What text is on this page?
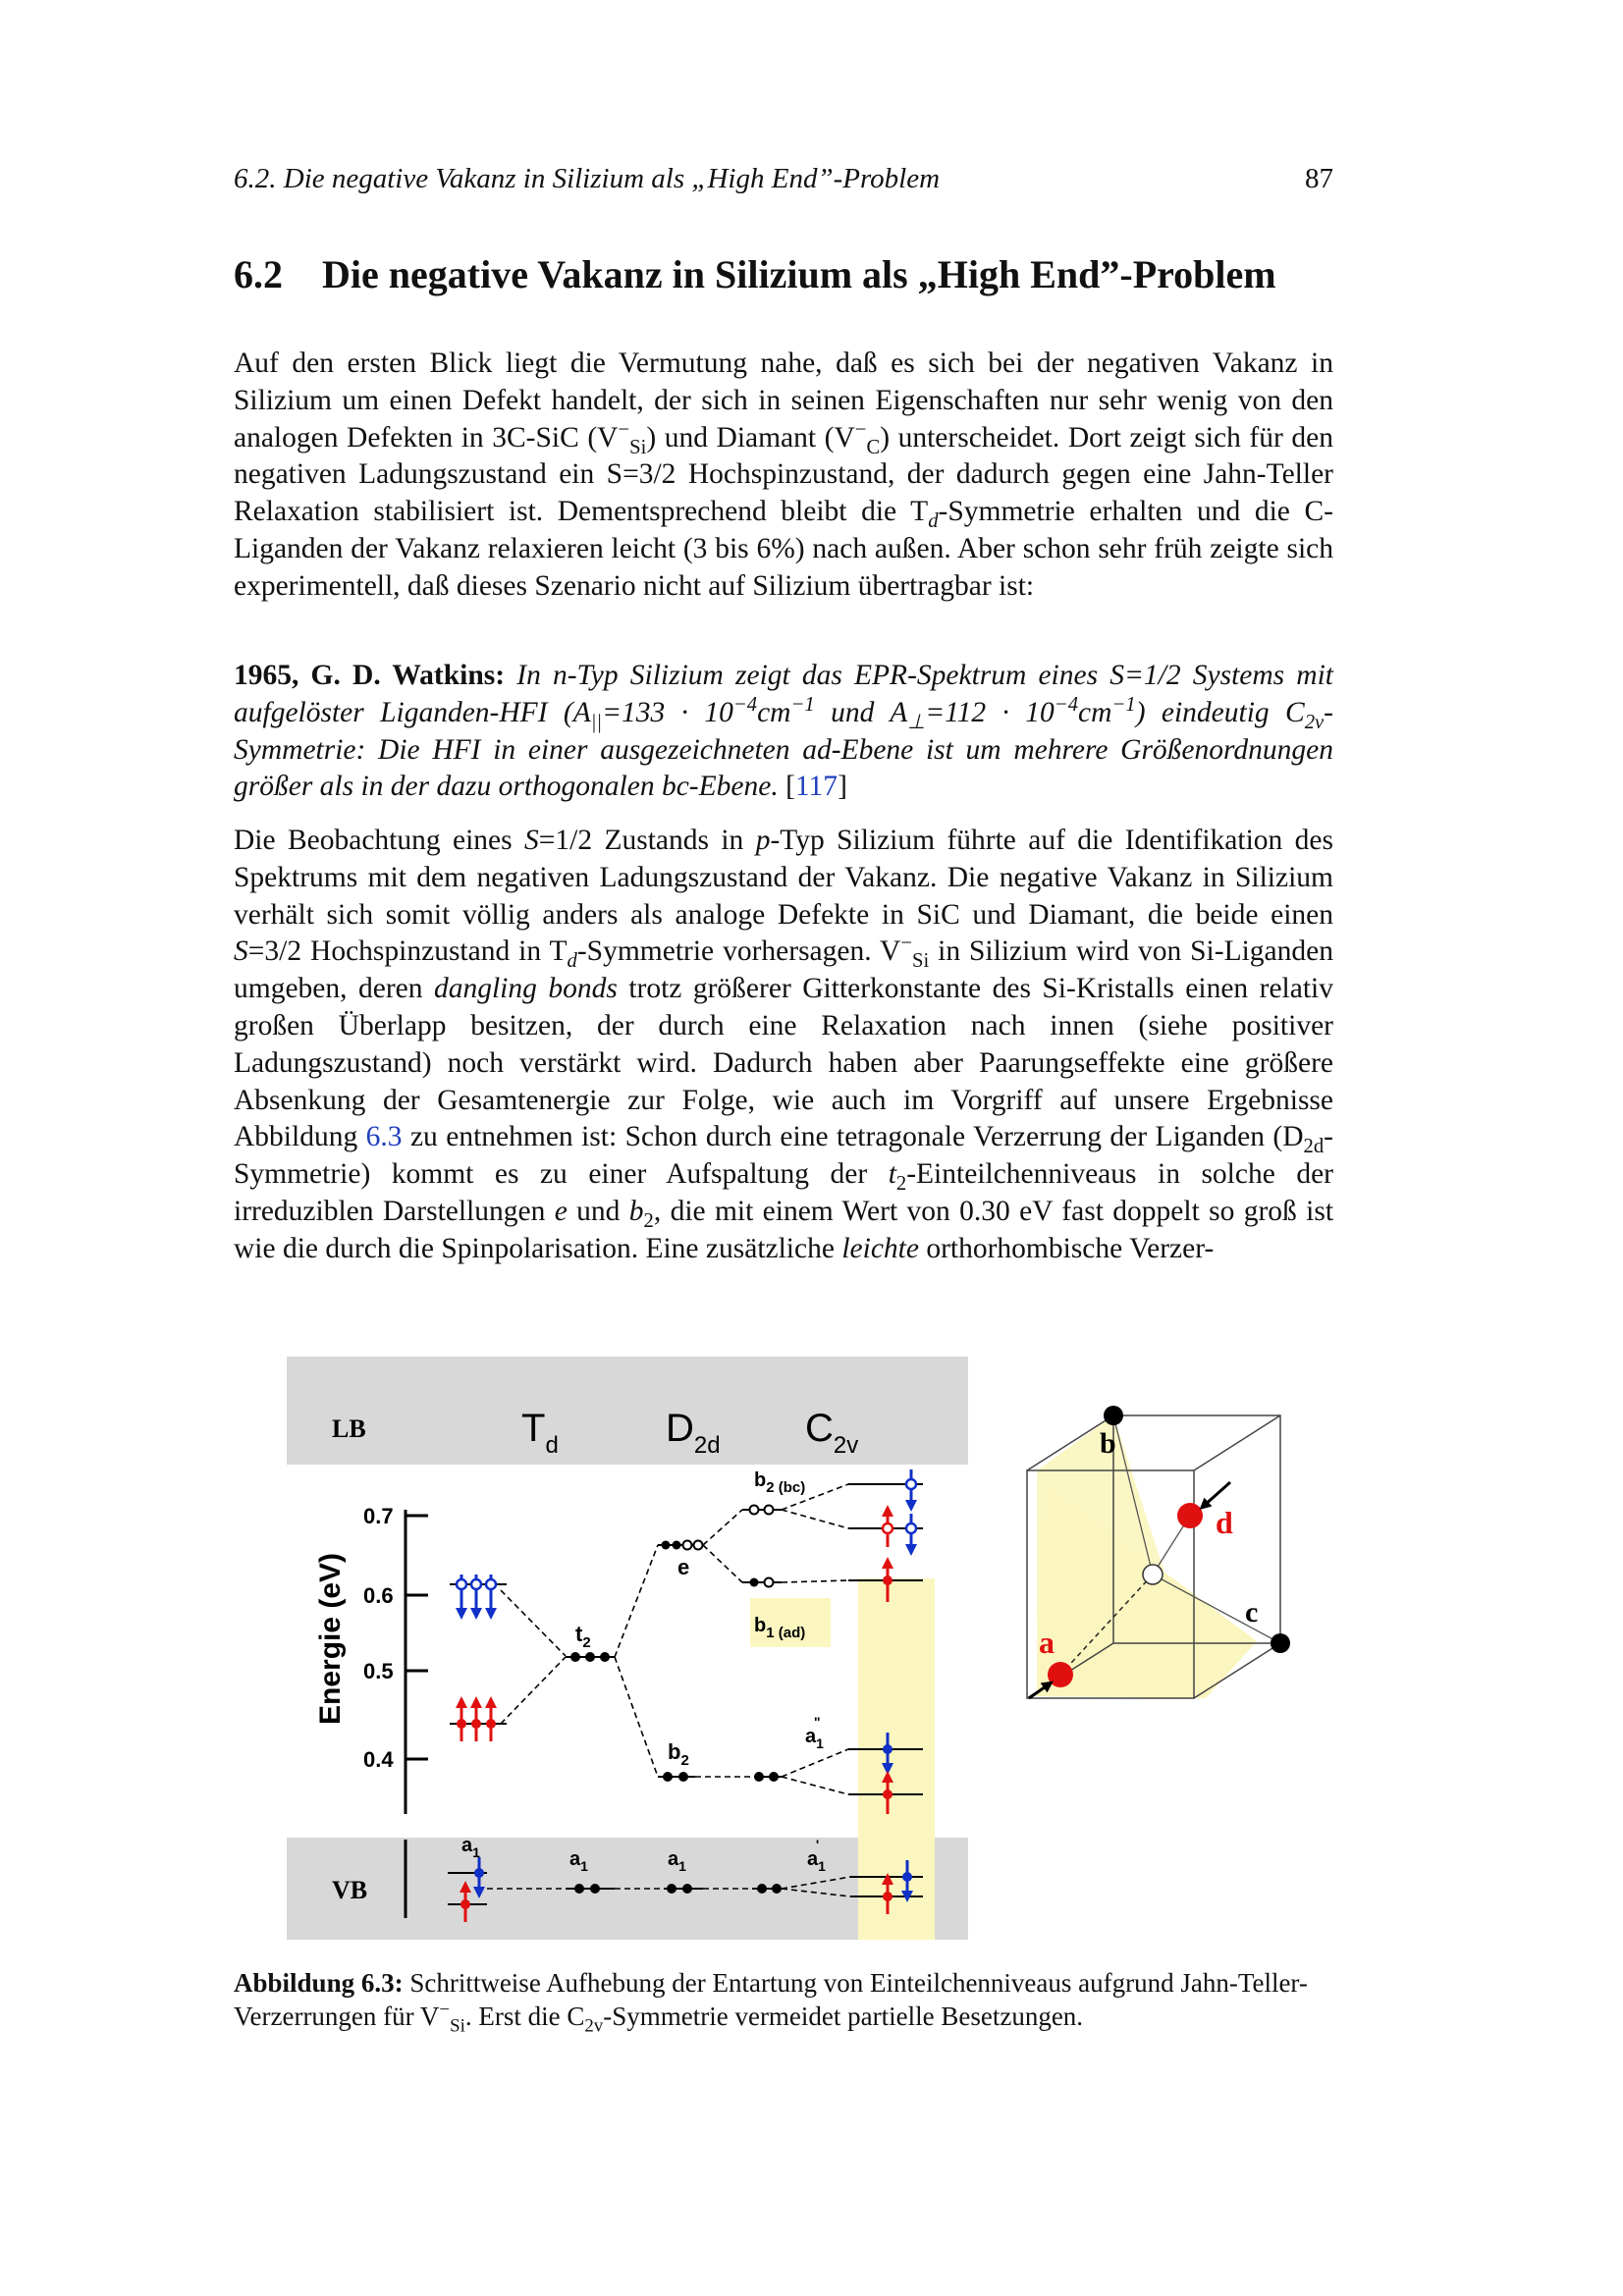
6.2. Die negative Vakanz in Silizium als „High End”-Problem	87
6.2 Die negative Vakanz in Silizium als „High End”-Problem

Auf den ersten Blick liegt die Vermutung nahe, daß es sich bei der negativen Vakanz in Silizium um einen Defekt handelt, der sich in seinen Eigenschaften nur sehr wenig von den analogen Defekten in 3C-SiC $(V^-_{Si})$ und Diamant $(V^-_C)$ unterscheidet. Dort zeigt sich für den negativen Ladungszustand ein S=3/2 Hochspinzustand, der dadurch gegen eine Jahn-Teller Relaxation stabilisiert ist. Dementsprechend bleibt die $T_d$-Symmetrie erhalten und die C-Liganden der Vakanz relaxieren leicht (3 bis 6%) nach außen. Aber schon sehr früh zeigte sich experimentell, daß dieses Szenario nicht auf Silizium übertragbar ist:

1965, G. D. Watkins: In n-Typ Silizium zeigt das EPR-Spektrum eines S=1/2 Systems mit aufgelöster Liganden-HFI ($A_{||}=133 \cdot 10^{-4}cm^{-1}$ und $A_\perp=112 \cdot 10^{-4}cm^{-1}$) eindeutig $C_{2v}$-Symmetrie: Die HFI in einer ausgezeichneten ad-Ebene ist um mehrere Größenordnungen größer als in der dazu orthogonalen bc-Ebene. [117]

Die Beobachtung eines S=1/2 Zustands in p-Typ Silizium führte auf die Identifikation des Spektrums mit dem negativen Ladungszustand der Vakanz. Die negative Vakanz in Silizium verhält sich somit völlig anders als analoge Defekte in SiC und Diamant, die beide einen S=3/2 Hochspinzustand in $T_d$-Symmetrie vorhersagen. $V^-_{Si}$ in Silizium wird von Si-Liganden umgeben, deren dangling bonds trotz größerer Gitterkonstante des Si-Kristalls einen relativ großen Überlapp besitzen, der durch eine Relaxation nach innen (siehe positiver Ladungszustand) noch verstärkt wird. Dadurch haben aber Paarungseffekte eine größere Absenkung der Gesamtenergie zur Folge, wie auch im Vorgriff auf unsere Ergebnisse Abbildung 6.3 zu entnehmen ist: Schon durch eine tetragonale Verzerrung der Liganden $(D_{2d}-Symmetrie)$ kommt es zu einer Aufspaltung der $t_2$-Einteilchenniveaus in solche der irreduziblen Darstellungen e und $b_2$, die mit einem Wert von 0.30 eV fast doppelt so groß ist wie die durch die Spinpolarisation. Eine zusätzliche leichte orthorhombische Verzer-

LB
VB
$T_d$	$D_{2d}$ $C_{2v}$
Energie (eV)
0.7
0.6
0.5
0.4
$t_2$
e
$b_2$
$b_{2 (bc)}$
$b_{1 (ad)}$
$a_1$"
$a_1$	$a_1$	$a_1$	$a_1'$
b
d
c
a
Abbildung 6.3: Schrittweise Aufhebung der Entartung von Einteilchenniveaus aufgrund Jahn-Teller-Verzerrungen für $V^-_{Si}$. Erst die $C_{2v}$-Symmetrie vermeidet partielle Besetzungen.
